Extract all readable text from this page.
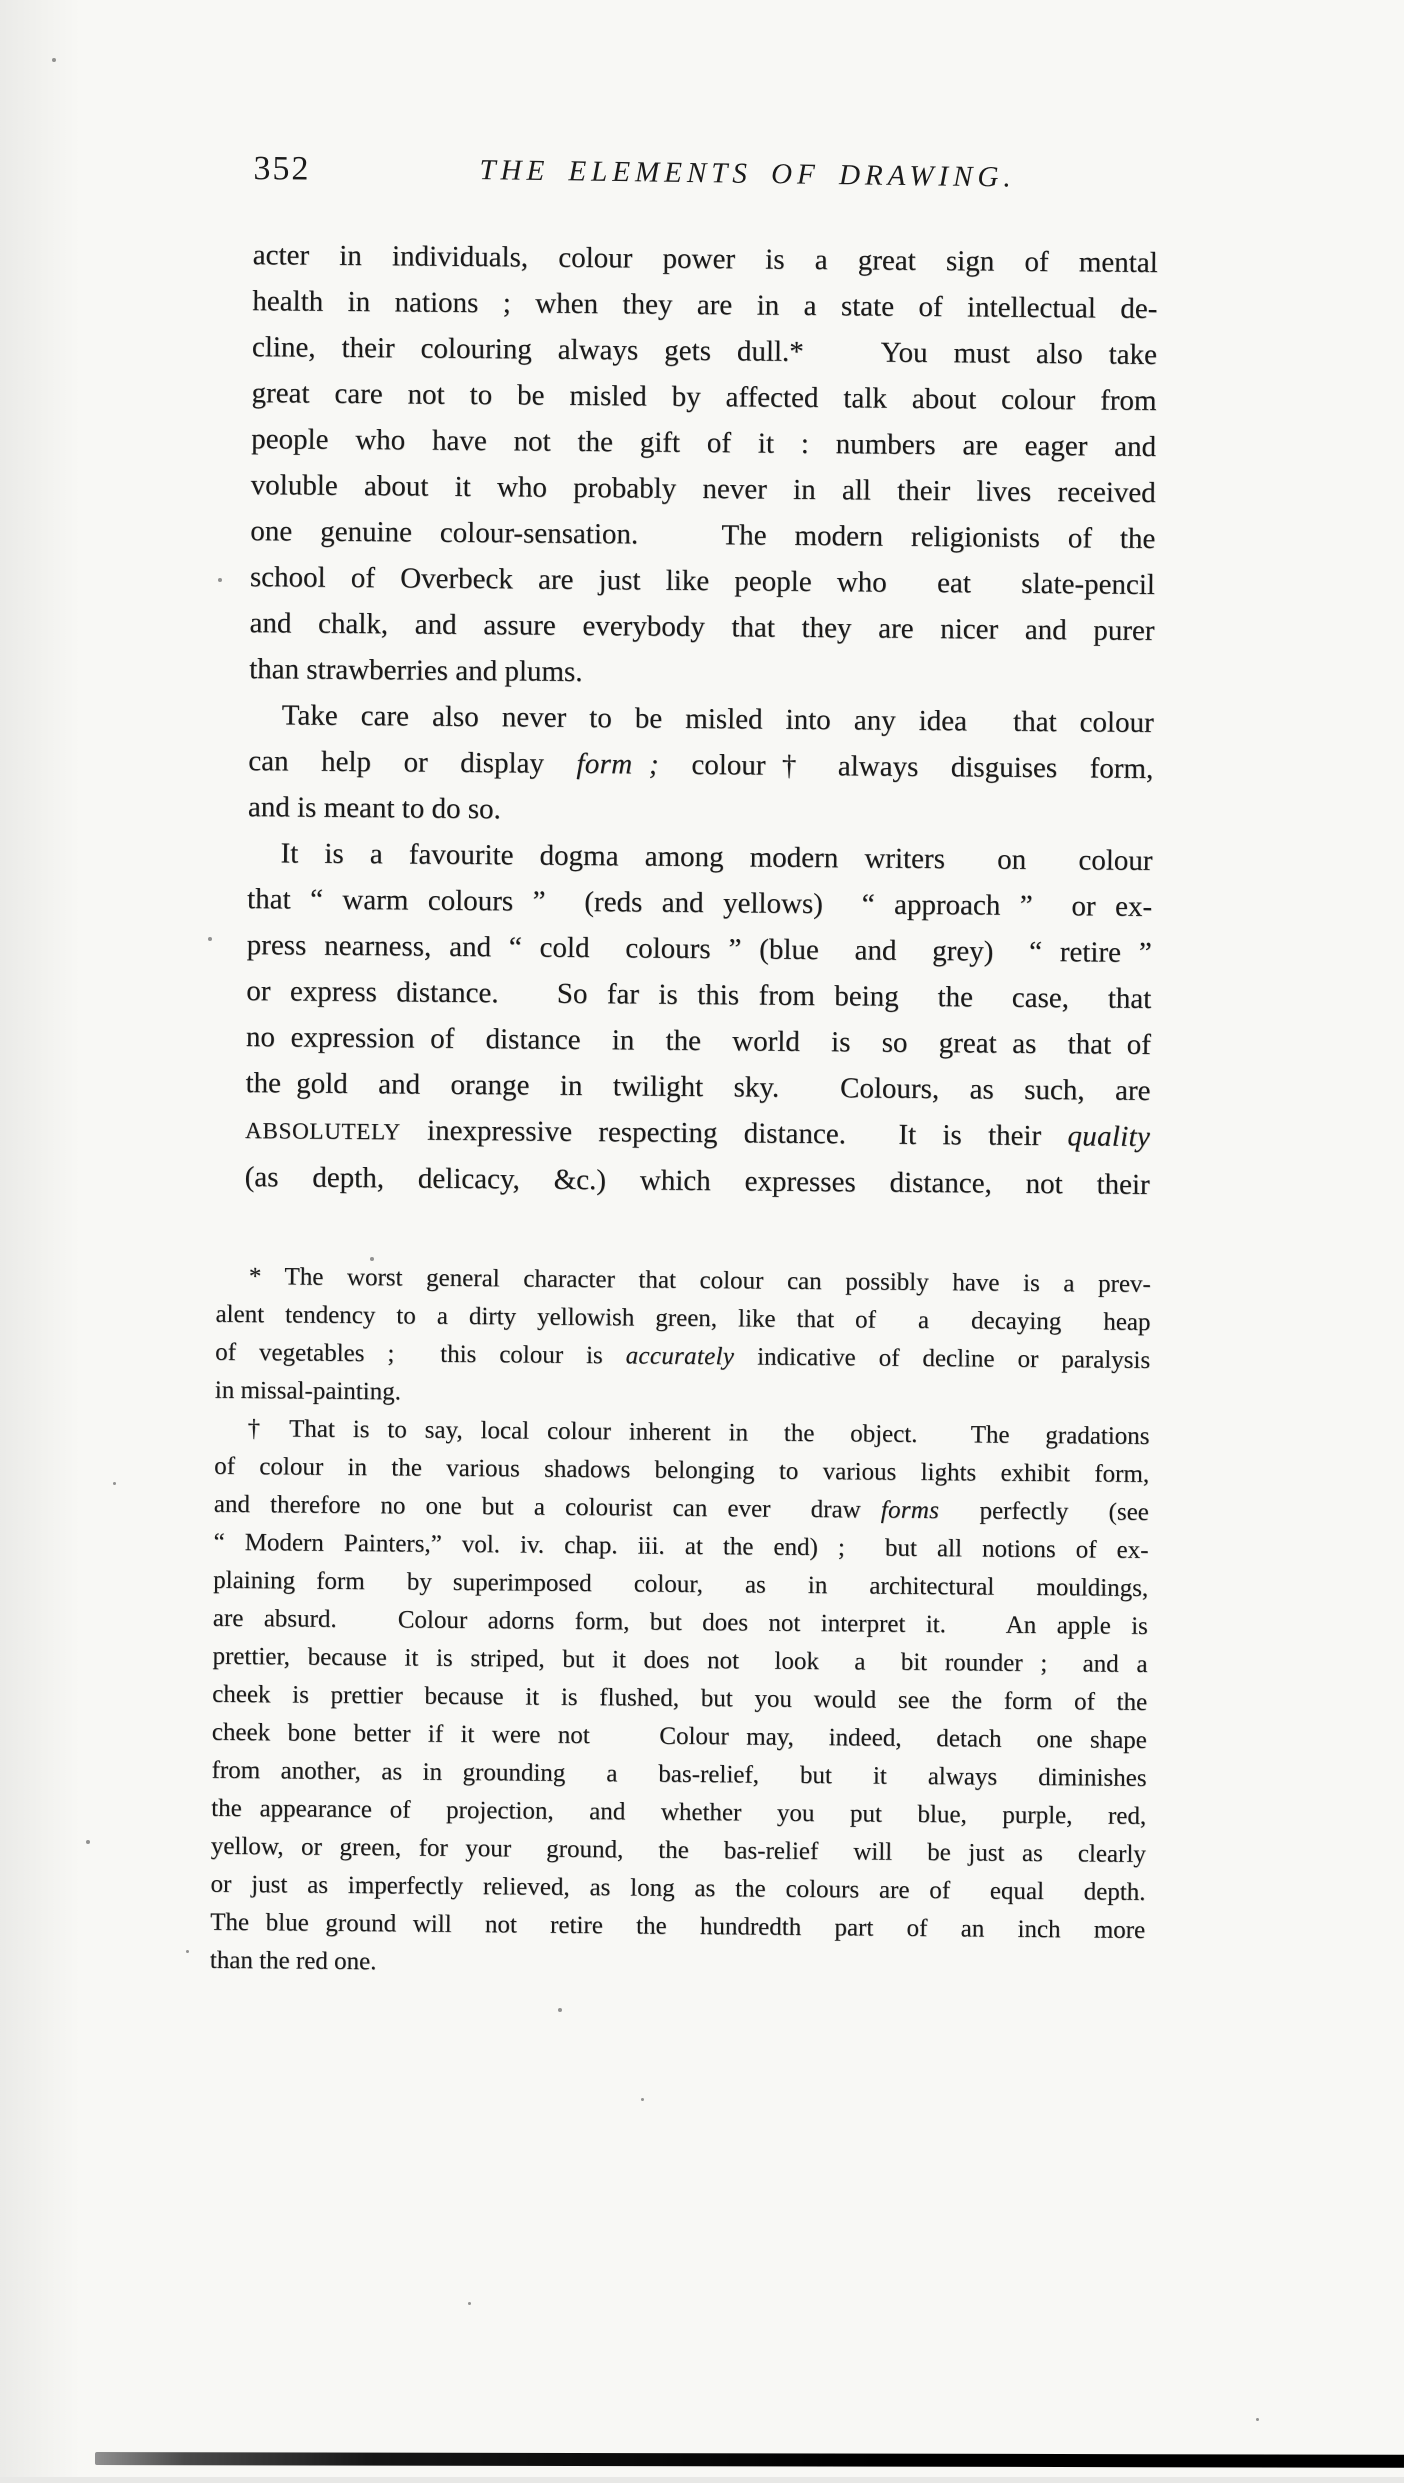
352	THE ELEMENTS OF DRAWING.
acter in individuals, colour power is a great sign of mental
health in nations ; when they are in a state of intellectual de-
cline, their colouring always gets dull.*   You must also take
great care not to be misled by affected talk about colour from
people who have not the gift of it : numbers are eager and
voluble about it who probably never in all their lives received
one genuine colour-sensation.   The modern religionists of the
school of Overbeck are just like people who  eat  slate-pencil
and chalk, and assure everybody that they are nicer and purer
than strawberries and plums.
Take care also never to be misled into any idea  that colour
can  help  or  display  form ;  colour †  always  disguises  form,
and is meant to do so.
It is a favourite dogma among modern writers  on  colour
that “ warm colours ”  (reds and yellows)  “ approach ”  or ex-
press nearness, and “ cold  colours ” (blue  and  grey)  “ retire ”
or express distance.   So far is this from being  the  case,  that
no expression of  distance  in  the  world  is  so  great as  that of
the gold  and  orange  in  twilight  sky.    Colours,  as  such,  are
ABSOLUTELY inexpressive respecting distance.  It is their quality
(as  depth,  delicacy,  &c.)  which  expresses  distance,  not  their
* The worst general character that colour can possibly have is a prev-
alent tendency to a dirty yellowish green, like that of  a  decaying  heap
of vegetables ;  this colour is accurately indicative of decline or paralysis
in missal-painting.
† That is to say, local colour inherent in  the  object.   The  gradations
of colour in the various shadows belonging to various lights exhibit form,
and therefore no one but a colourist can ever  draw forms  perfectly  (see
“ Modern Painters,” vol. iv. chap. iii. at the end) ;  but all notions of ex-
plaining form  by superimposed  colour,  as  in  architectural  mouldings,
are absurd.   Colour adorns form, but does not interpret it.   An apple is
prettier, because it is striped, but it does not  look  a  bit rounder ;  and a
cheek is prettier because it is flushed, but you would see the form of the
cheek bone better if it were not    Colour may,  indeed,  detach  one shape
from another, as in grounding  a  bas-relief,  but  it  always  diminishes
the appearance of  projection,  and  whether  you  put  blue,  purple,  red,
yellow, or green, for your  ground,  the  bas-relief  will  be just as  clearly
or just as imperfectly relieved, as long as the colours are of  equal  depth.
The blue ground will  not  retire  the  hundredth  part  of  an  inch  more
than the red one.
